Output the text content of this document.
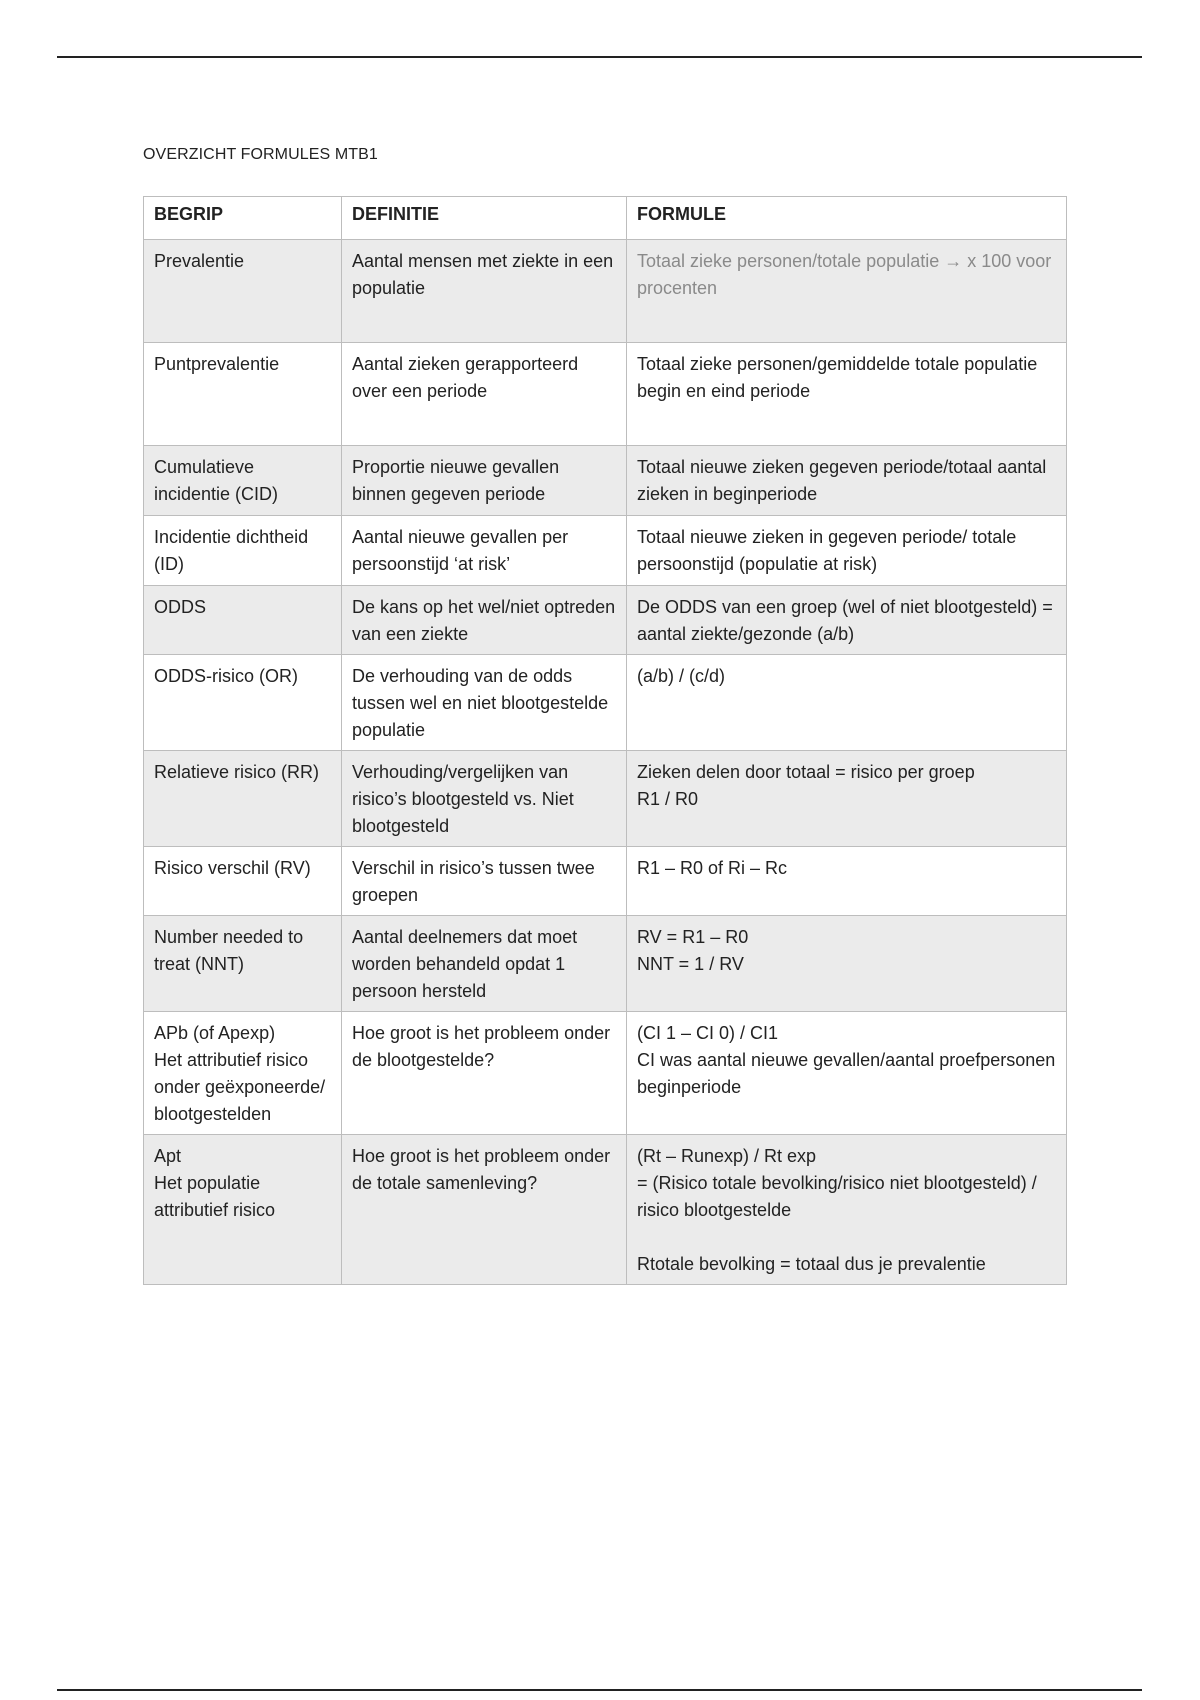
OVERZICHT FORMULES MTB1
BEGRIP	DEFINITIE	FORMULE

Prevalentie	Aantal mensen met ziekte in een populatie	Totaal zieke personen/totale populatie → x 100 voor procenten

Puntprevalentie	Aantal zieken gerapporteerd over een periode	Totaal zieke personen/gemiddelde totale populatie begin en eind periode

Cumulatieve incidentie (CID)	Proportie nieuwe gevallen binnen gegeven periode	Totaal nieuwe zieken gegeven periode/totaal aantal zieken in beginperiode

Incidentie dichtheid (ID)	Aantal nieuwe gevallen per persoonstijd ‘at risk’	Totaal nieuwe zieken in gegeven periode/ totale persoonstijd (populatie at risk)

ODDS	De kans op het wel/niet optreden van een ziekte	De ODDS van een groep (wel of niet blootgesteld) = aantal ziekte/gezonde (a/b)

ODDS-risico (OR)	De verhouding van de odds tussen wel en niet blootgestelde populatie	(a/b) / (c/d)

Relatieve risico (RR)	Verhouding/vergelijken van risico’s blootgesteld vs. Niet blootgesteld	Zieken delen door totaal = risico per groep
R1 / R0

Risico verschil (RV)	Verschil in risico’s tussen twee groepen	R1 – R0 of Ri – Rc

Number needed to treat (NNT)	Aantal deelnemers dat moet worden behandeld opdat 1 persoon hersteld	RV = R1 – R0
NNT = 1 / RV

APb (of Apexp)
Het attributief risico onder geëxponeerde/ blootgestelden	Hoe groot is het probleem onder de blootgestelde?	(CI 1 – CI 0) / CI1
CI was aantal nieuwe gevallen/aantal proefpersonen beginperiode

Apt
Het populatie attributief risico	Hoe groot is het probleem onder de totale samenleving?	(Rt – Runexp) / Rt exp
= (Risico totale bevolking/risico niet blootgesteld) / risico blootgestelde
Rtotale bevolking = totaal dus je prevalentie
